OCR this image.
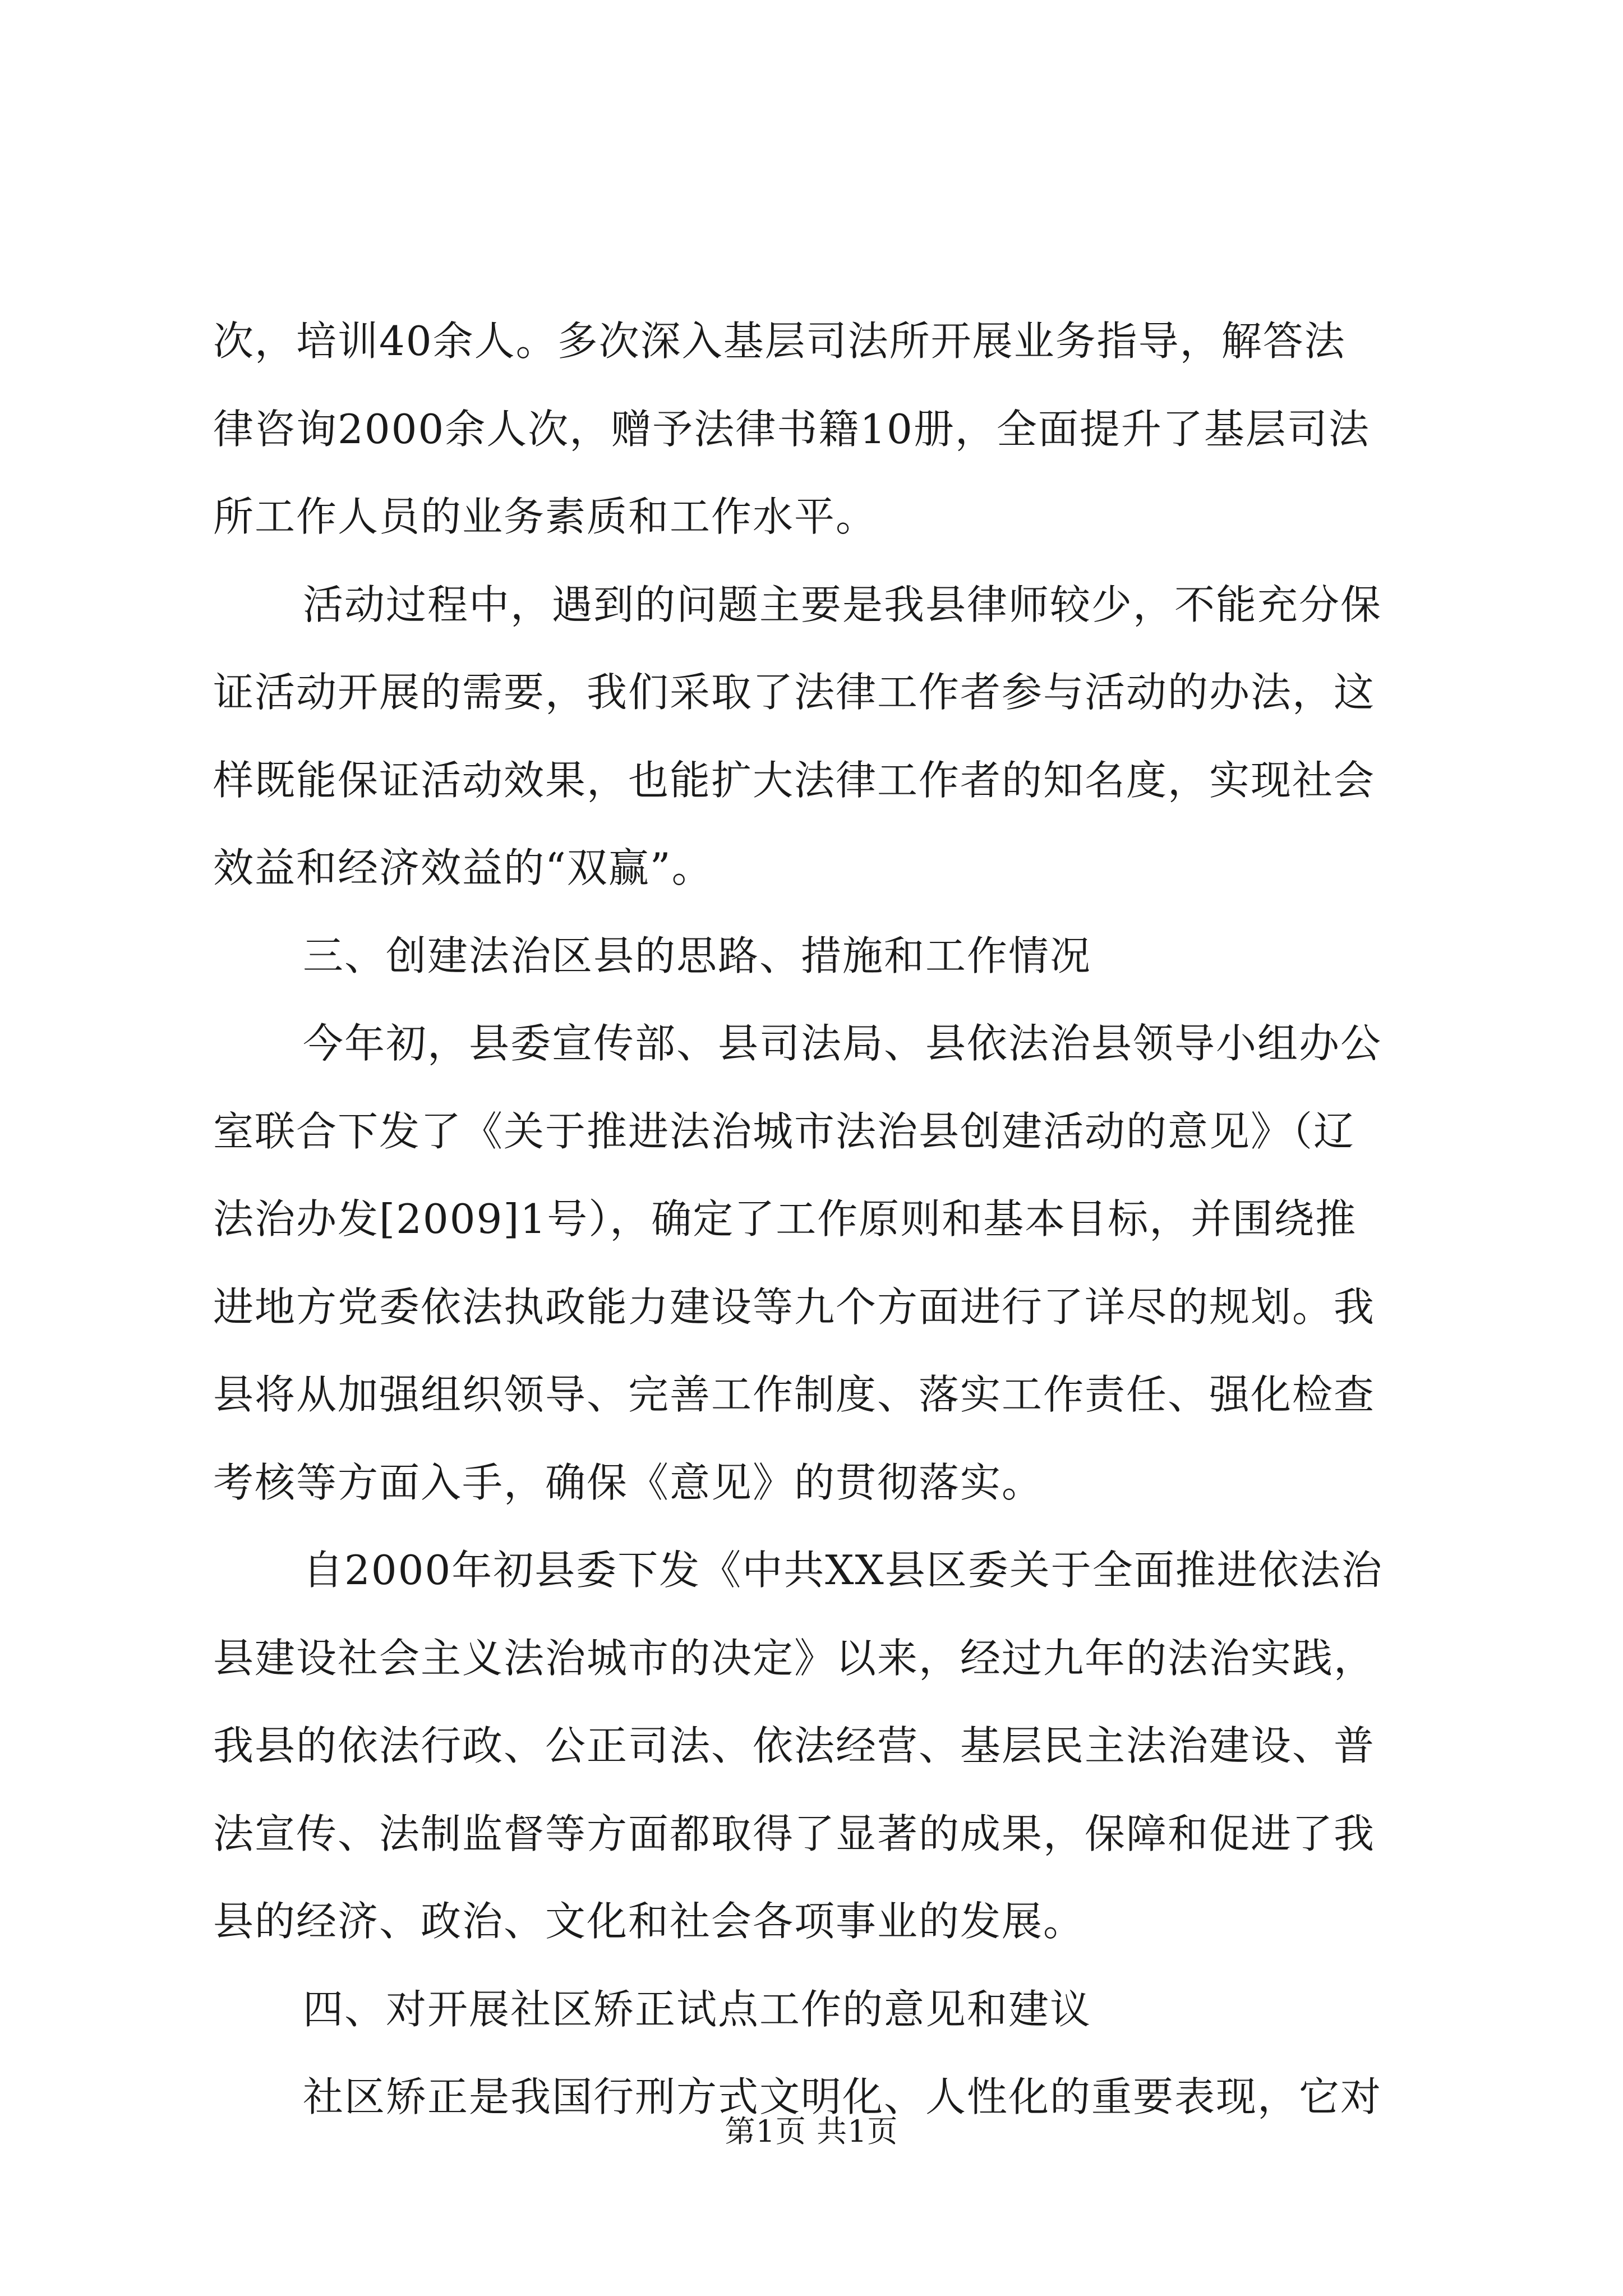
次，培训40余人。多次深入基层司法所开展业务指导，解答法
律咨询2000余人次，赠予法律书籍10册，全面提升了基层司法
所工作人员的业务素质和工作水平。
活动过程中，遇到的问题主要是我县律师较少，不能充分保
证活动开展的需要，我们采取了法律工作者参与活动的办法，这
样既能保证活动效果，也能扩大法律工作者的知名度，实现社会
效益和经济效益的“双赢”。
三、创建法治区县的思路、措施和工作情况
今年初，县委宣传部、县司法局、县依法治县领导小组办公
室联合下发了《关于推进法治城市法治县创建活动的意见》（辽
法治办发[2009]1号），确定了工作原则和基本目标，并围绕推
进地方党委依法执政能力建设等九个方面进行了详尽的规划。我
县将从加强组织领导、完善工作制度、落实工作责任、强化检查
考核等方面入手，确保《意见》的贯彻落实。
自2000年初县委下发《中共XX县区委关于全面推进依法治
县建设社会主义法治城市的决定》以来，经过九年的法治实践，
我县的依法行政、公正司法、依法经营、基层民主法治建设、普
法宣传、法制监督等方面都取得了显著的成果，保障和促进了我
县的经济、政治、文化和社会各项事业的发展。
四、对开展社区矫正试点工作的意见和建议
社区矫正是我国行刑方式文明化、人性化的重要表现，它对
第1页 共1页
